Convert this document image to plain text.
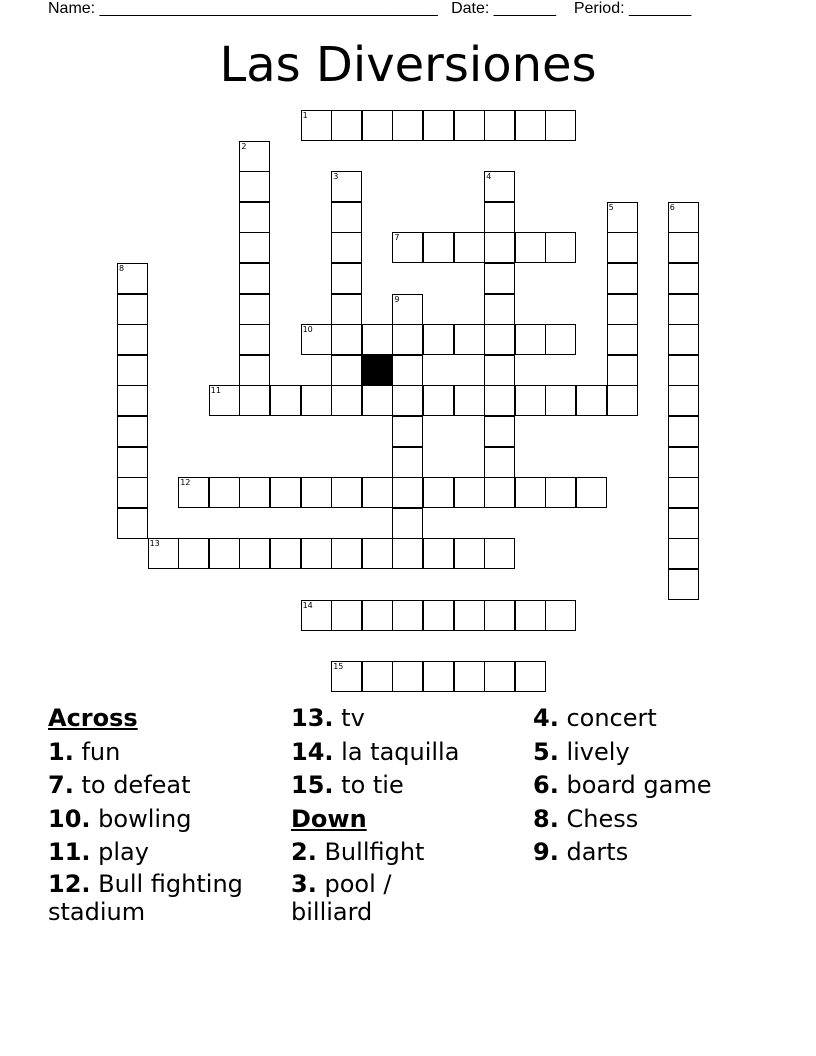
Name: ______________________________________ Date: _______ Period: _______
Las Diversiones
1
2
3	4
5	6
7
8
9
10
11
12
13
14
15
Across
1. fun
7. to defeat
10. bowling
11. play
12. Bull fighting stadium
13. tv
14. la taquilla
15. to tie
Down
2. Bullfight
3. pool / billiard
4. concert
5. lively
6. board game
8. Chess
9. darts
